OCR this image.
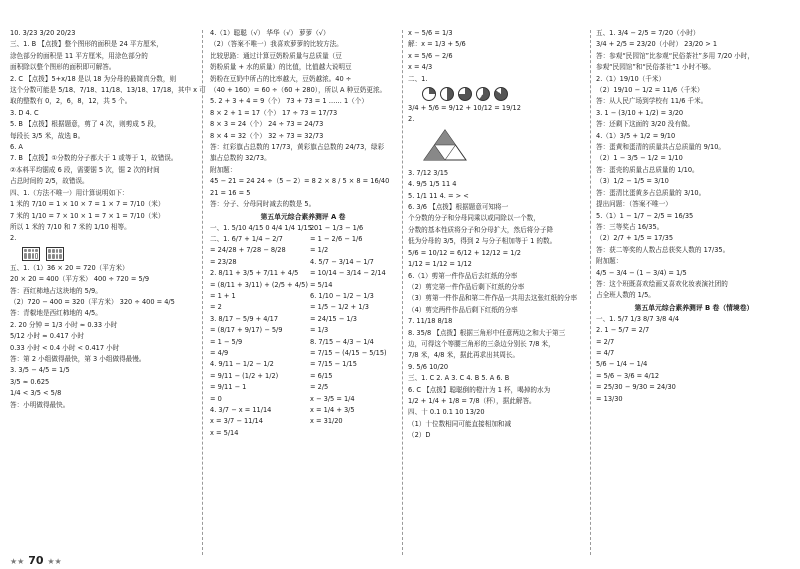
10. 3/23 3/20 20/23
三、1. B 【点拨】整个图形的面积是 24 平方厘米，
涂色部分的面积是 11 平方厘米，用涂色部分的
面积除以整个图形的面积即可解答。
2. C 【点拨】5+x/18 是以 18 为分母的最简真分数，则
这个分数可能是 5/18、7/18、11/18、13/18、17/18，其中 x 可
取的整数有 0，2，6，8，12，共 5 个。
3. D 4. C
5. B 【点拨】根据题意，剪了 4 次，则剪成 5 段，
每段长 3/5 米，故选 B。
6. A
7. B 【点拨】①分数的分子都大于 1 或等于 1，故错误。
②本料平均锯成 6 段，需要锯 5 次，锯 2 次的时间
占总时间的 2/5，故错误。
四、1.（方法不唯一）用计算说明如下：
1 米的 7/10 = 1 × 10 × 7 = 1 × 7 = 7/10（米）
7 米的 1/10 = 7 × 10 × 1 = 7 × 1 = 7/10（米）
所以 1 米的 7/10 和 7 米的 1/10 相等。
2.
五、1.（1）36 × 20 = 720（平方米）
20 × 20 = 400（平方米） 400 ÷ 720 = 5/9
答：西红柿地占这块地的 5/9。
（2）720 − 400 = 320（平方米） 320 ÷ 400 = 4/5
答：青椒地是西红柿地的 4/5。
2. 20 分钟 = 1/3 小时 ≈ 0.33 小时
5/12 小时 ≈ 0.417 小时
0.33 小时 < 0.4 小时 < 0.417 小时
答：第 2 小组做得最快，第 3 小组做得最慢。
3. 3/5 − 4/5 = 1/5
3/5 ≈ 0.625
1/4 < 3/5 < 5/8
答：小明做得最快。
4.（1）聪聪（√） 华华（√） 萝萝（√）
（2）（答案不唯一）我喜欢萝萝的比较方法。
比较思路：通过计算豆奶粉质量与总质量（豆
奶粉质量 + 水的质量）的比值，比值越大说明豆
奶粉在豆奶中所占的比率越大，豆奶越浓。40 ÷
（40 + 160）= 60 ÷（60 + 280），所以 A 种豆奶更浓。
5. 2 + 3 + 4 = 9（个） 73 + 73 = 1 …… 1（个）
8 × 2 + 1 = 17（个） 17 ÷ 73 = 17/73
8 × 3 = 24（个） 24 ÷ 73 = 24/73
8 × 4 = 32（个） 32 ÷ 73 = 32/73
答：红彩旗占总数的 17/73，黄彩旗占总数的 24/73，绿彩
旗占总数的 32/73。
附加题：
45 − 21 = 24 24 ÷（5 − 2）= 8 2 × 8 / 5 × 8 = 16/40
21 = 16 = 5
答：分子、分母同时减去的数是 5。
第五单元综合素养测评 A 卷
一、1. 5/10 4/15 0 4/4 1/4 1/15 0
二、1. 6/7 + 1/4 − 2/7
= 24/28 + 7/28 − 8/28
= 23/28
2. 8/11 + 3/5 + 7/11 + 4/5
= (8/11 + 3/11) + (2/5 + 4/5)
= 1 + 1
= 2
3. 8/17 − 5/9 + 4/17
= (8/17 + 9/17) − 5/9
= 1 − 5/9
= 4/9
4. 9/11 − 1/2 − 1/2
= 9/11 − (1/2 + 1/2)
= 9/11 − 1
= 0
4. 3/7 − x = 11/14
x = 3/7 − 11/14
x = 5/14
2. 1 − 1/3 − 1/6
= 1 − 2/6 − 1/6
= 1/2
4. 5/7 − 3/14 − 1/7
= 10/14 − 3/14 − 2/14
= 5/14
6. 1/10 − 1/2 − 1/3
= 1/5 − 1/2 + 1/3
= 24/15 − 1/3
= 1/3
8. 7/15 − 4/3 − 1/4
= 7/15 − (4/15 − 5/15)
= 7/15 − 1/15
= 6/15
= 2/5
x − 3/5 = 1/4
x = 1/4 + 3/5
x = 31/20
x − 5/6 = 1/3
解：x = 1/3 + 5/6
x = 5/6 − 2/6
x = 4/3
二、1.
3/4 + 5/6 = 9/12 + 10/12 = 19/12
2.
3. 7/12 3/15
4. 9/5 1/5 11 4
5. 1/1 11 4. = > <
6. 3/6 【点拨】根据题意可知将一
个分数的分子和分母同乘以或同除以一个数，
分数的基本性质将分子和分母扩大，然后将分子降
低为分母的 3/5，得到 2 与分子相加等于 1 的数。
5/6 = 10/12 = 6/12 + 12/12 = 1/2
1/12 = 1/12 = 1/12
6.（1）剪第一件作品后去红纸的分率
（2）剪完第一件作品后剩下红纸的分率
（3）剪第一件作品和第二件作品一共用去这张红纸的分率
（4）剪完两件作品后剩下红纸的分率
7. 11/18 8/18
8. 35/8 【点拨】根据三角形中任意两边之和大于第三
边，可得这个等腰三角形的三条边分别长 7/8 米，
7/8 米，4/8 米，据此再求出其周长。
9. 5/6 10/20
三、1. C 2. A 3. C 4. B 5. A 6. B
6. C 【点拨】聪聪倒的橙汁为 1 杯，喝掉的水为
1/2 + 1/4 + 1/8 = 7/8（杯），据此解答。
四、十 0.1 0.1 10 13/20
（1）十位数相同可能直接相加和减
（2）D
五、1. 3/4 − 2/5 = 7/20（小时）
3/4 + 2/5 = 23/20（小时） 23/20 > 1
答：参观“民园馆”比参观“民俗茶社”多用 7/20 小时，
参观“民园馆”和“民俗茶社”1 小时不够。
2.（1）19/10（千米）
（2）19/10 − 1/2 = 11/6（千米）
答：从人民广场到学校有 11/6 千米。
3. 1 − (3/10 + 1/2) = 3/20
答：还剩下这面的 3/20 没有做。
4.（1）3/5 + 1/2 = 9/10
答：蛋黄和蛋清的质量共占总质量的 9/10。
（2）1 − 3/5 − 1/2 = 1/10
答：蛋壳的质量占总质量的 1/10。
（3）1/2 − 1/5 = 3/10
答：蛋清比蛋黄多占总质量的 3/10。
提出问题：（答案不唯一）
5.（1）1 − 1/7 − 2/5 = 16/35
答：三等奖占 16/35。
（2）2/7 + 1/5 = 17/35
答：获二等奖的人数占总获奖人数的 17/35。
附加题：
4/5 − 3/4 − (1 − 3/4) = 1/5
答：这个班既喜欢绘画又喜欢化妆表演社团的
占全班人数的 1/5。
第五单元综合素养测评 B 卷（情境卷）
一、1. 5/7 1/3 8/7 3/8 4/4
2. 1 − 5/7 = 2/7
= 2/7
= 4/7
5/6 − 1/4 − 1/4
= 5/6 − 3/6 = 4/12
= 25/30 − 9/30 = 24/30
= 13/30
★★ 70 ★★
